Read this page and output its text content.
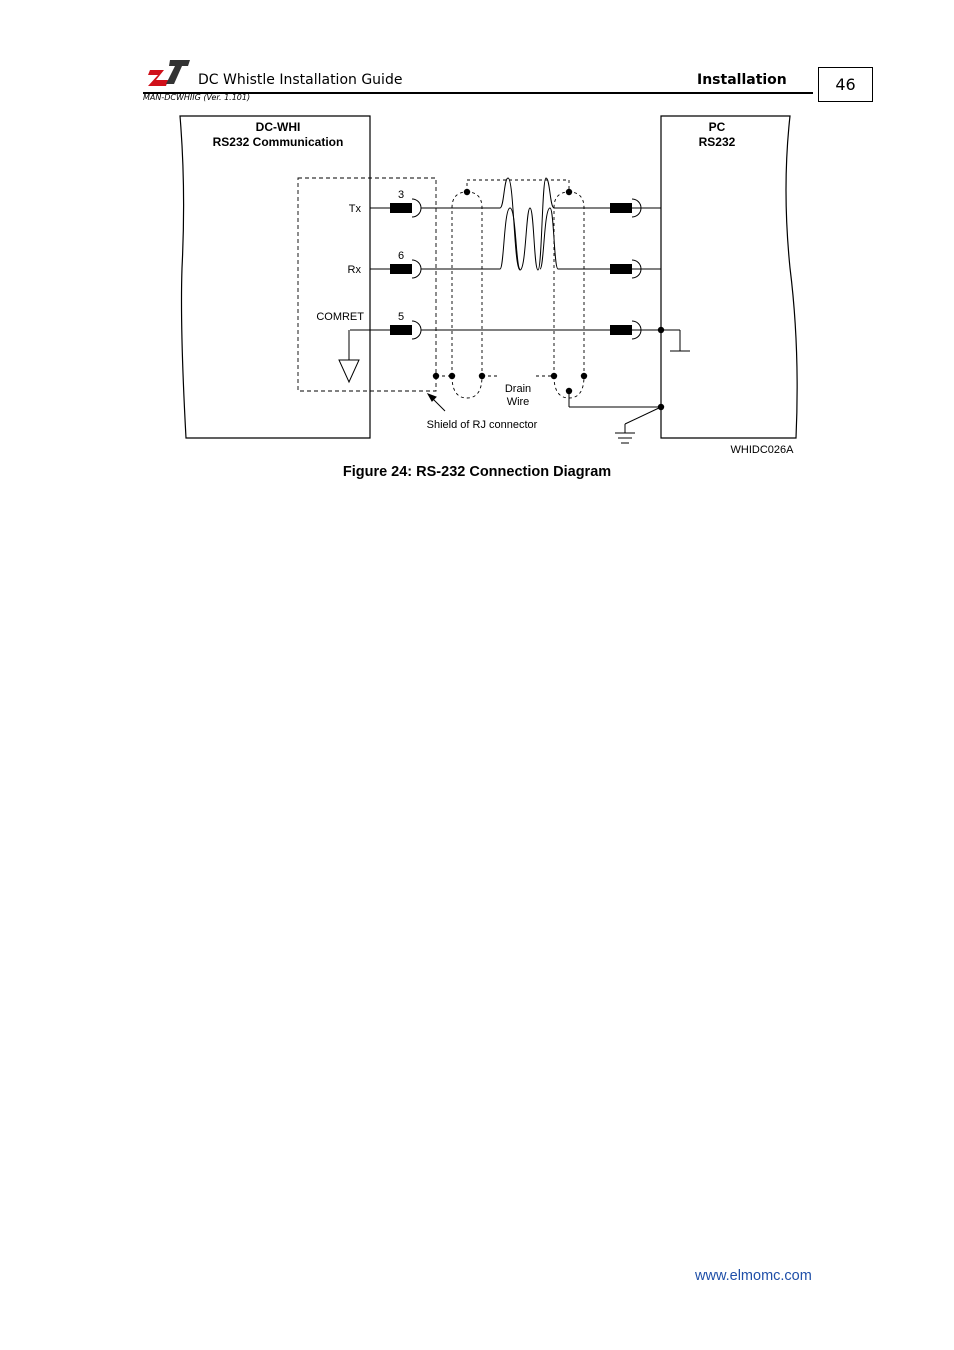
DC Whistle Installation Guide	Installation
MAN-DCWHIIG (Ver. 1.101)
46
DC-WHI
RS232 Communication
PC
RS232
Tx
3
Rx
6
COMRET	5
Drain
Wire
Shield of RJ connector
WHIDC026A
Figure 24: RS-232 Connection Diagram
www.elmomc.com
